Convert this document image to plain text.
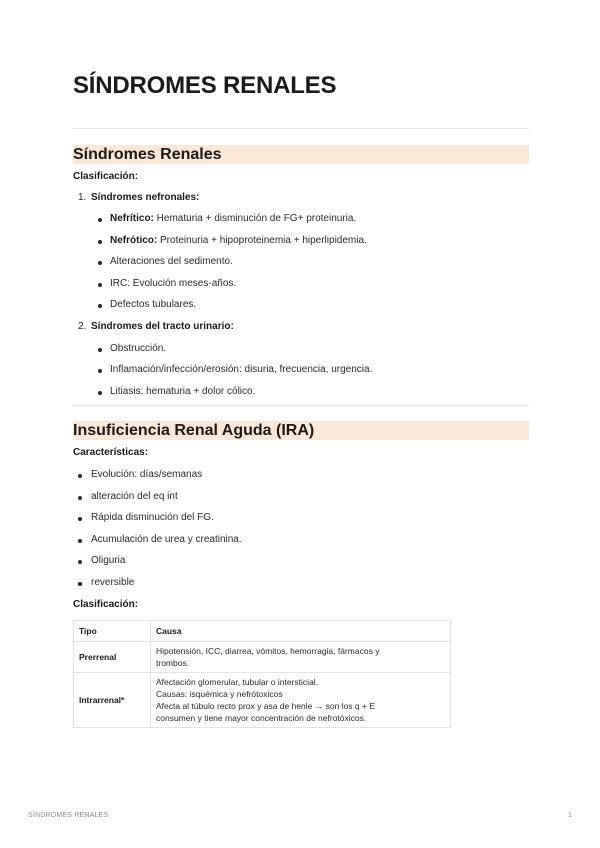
SÍNDROMES RENALES
Síndromes Renales
Clasificación:
1. Síndromes nefronales:
Nefrítico: Hematuria + disminución de FG+ proteinuria.
Nefrótico: Proteinuria + hipoproteinemia + hiperlipidemia.
Alteraciones del sedimento.
IRC: Evolución meses-años.
Defectos tubulares.
2. Síndromes del tracto urinario:
Obstrucción.
Inflamación/infección/erosión: disuria, frecuencia, urgencia.
Litiasis: hematuria + dolor cólico.
Insuficiencia Renal Aguda (IRA)
Características:
Evolución: días/semanas
alteración del eq int
Rápida disminución del FG.
Acumulación de urea y creatinina.
Oliguria
reversible
Clasificación:
Tipo	Causa
Prerrenal	Hipotensión, ICC, diarrea, vómitos, hemorragia, fármacos y
trombos.

Intrarrenal*	Afectación glomerular, tubular o intersticial.
Causas: isquémica y nefrótoxicos
Afecta al túbulo recto prox y asa de henle → son los q + E
consumen y tiene mayor concentración de nefrotóxicos.
SÍNDROMES RENALES	1
